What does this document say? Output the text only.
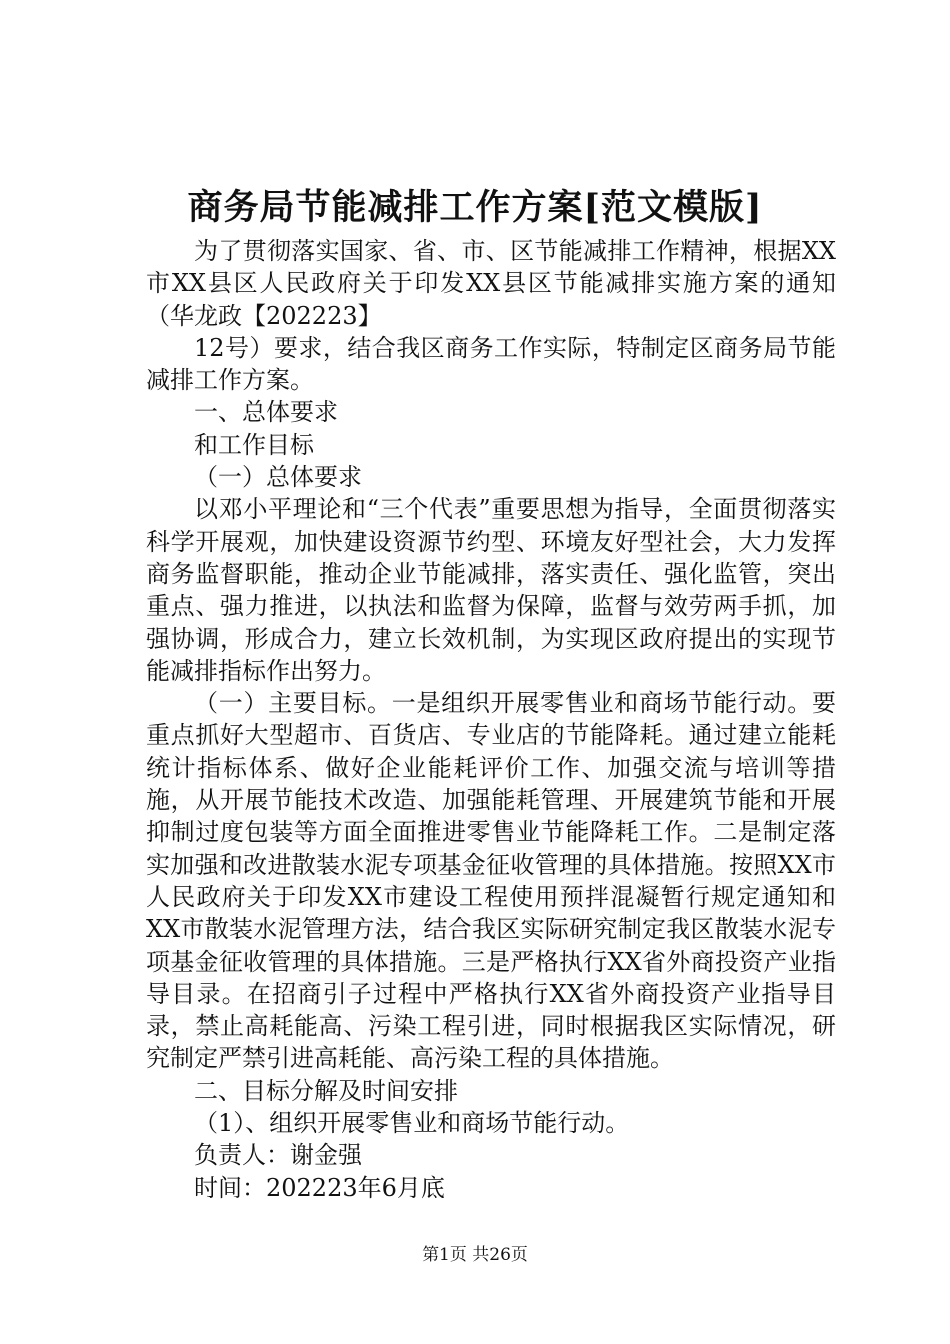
商务局节能减排工作方案[范文模版]

为了贯彻落实国家、省、市、区节能减排工作精神，根据XX市XX县区人民政府关于印发XX县区节能减排实施方案的通知（华龙政【202223】

12号）要求，结合我区商务工作实际，特制定区商务局节能减排工作方案。

一、总体要求

和工作目标

（一）总体要求

以邓小平理论和“三个代表”重要思想为指导，全面贯彻落实科学开展观，加快建设资源节约型、环境友好型社会，大力发挥商务监督职能，推动企业节能减排，落实责任、强化监管，突出重点、强力推进，以执法和监督为保障，监督与效劳两手抓，加强协调，形成合力，建立长效机制，为实现区政府提出的实现节能减排指标作出努力。

（一）主要目标。一是组织开展零售业和商场节能行动。要重点抓好大型超市、百货店、专业店的节能降耗。通过建立能耗统计指标体系、做好企业能耗评价工作、加强交流与培训等措施，从开展节能技术改造、加强能耗管理、开展建筑节能和开展抑制过度包装等方面全面推进零售业节能降耗工作。二是制定落实加强和改进散装水泥专项基金征收管理的具体措施。按照XX市人民政府关于印发XX市建设工程使用预拌混凝暂行规定通知和XX市散装水泥管理方法，结合我区实际研究制定我区散装水泥专项基金征收管理的具体措施。三是严格执行XX省外商投资产业指导目录。在招商引子过程中严格执行XX省外商投资产业指导目录，禁止高耗能高、污染工程引进，同时根据我区实际情况，研究制定严禁引进高耗能、高污染工程的具体措施。

二、目标分解及时间安排

（1）、组织开展零售业和商场节能行动。

负责人：谢金强

时间：202223年6月底

第1页 共26页
